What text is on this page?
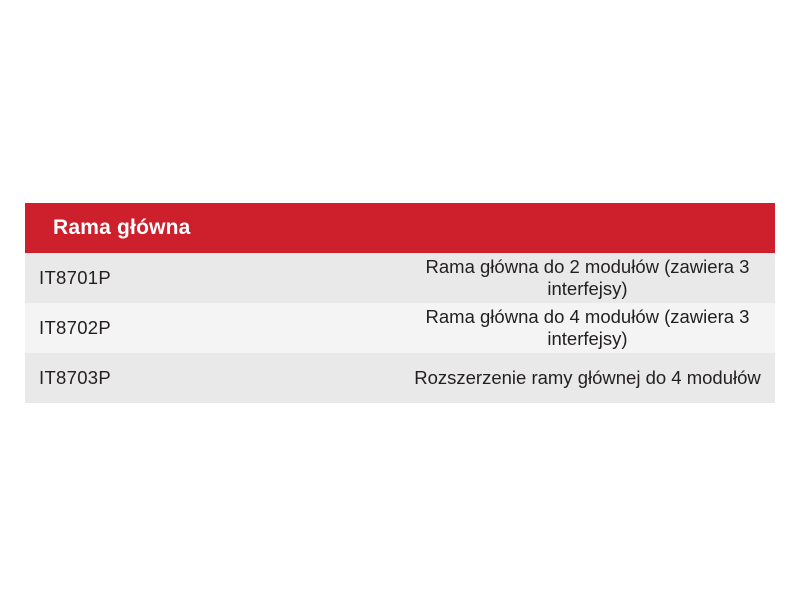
Rama główna	
IT8701P	Rama główna do 2 modułów (zawiera 3 interfejsy)
IT8702P	Rama główna do 4 modułów (zawiera 3 interfejsy)
IT8703P	Rozszerzenie ramy głównej do 4 modułów
